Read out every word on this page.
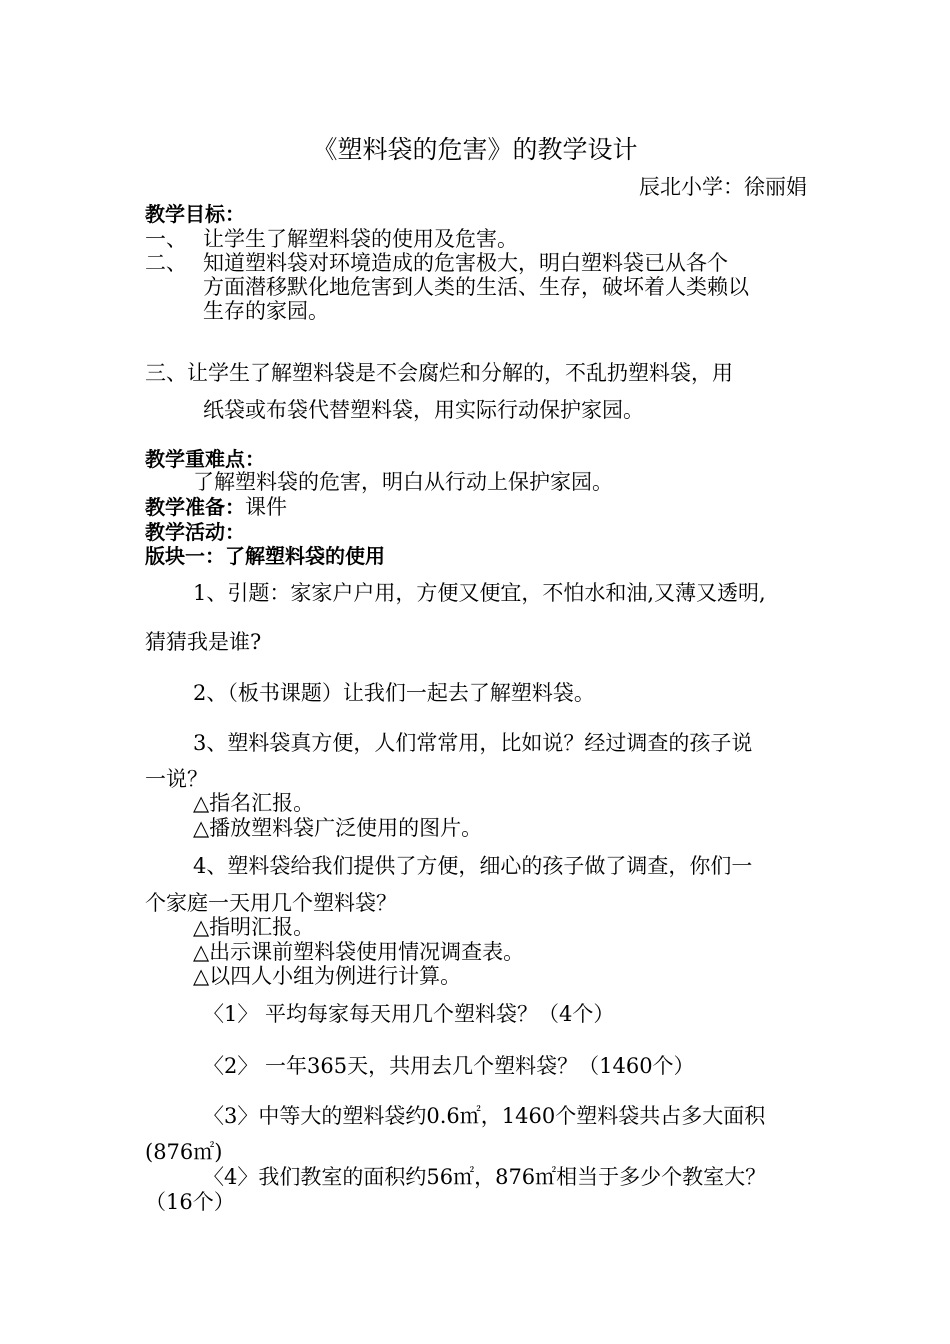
《塑料袋的危害》的教学设计
辰北小学：徐丽娟
教学目标：
一、 让学生了解塑料袋的使用及危害。
二、 知道塑料袋对环境造成的危害极大，明白塑料袋已从各个
方面潜移默化地危害到人类的生活、生存，破坏着人类赖以
生存的家园。
三、让学生了解塑料袋是不会腐烂和分解的，不乱扔塑料袋，用
纸袋或布袋代替塑料袋，用实际行动保护家园。
教学重难点：
了解塑料袋的危害，明白从行动上保护家园。
教学准备：课件
教学活动：
版块一：了解塑料袋的使用
1、引题：家家户户用，方便又便宜，不怕水和油,又薄又透明,
猜猜我是谁?
2、（板书课题）让我们一起去了解塑料袋。
3、塑料袋真方便，人们常常用，比如说？经过调查的孩子说
一说？
△指名汇报。
△播放塑料袋广泛使用的图片。
4、塑料袋给我们提供了方便，细心的孩子做了调查，你们一
个家庭一天用几个塑料袋？
△指明汇报。
△出示课前塑料袋使用情况调查表。
△以四人小组为例进行计算。
〈1〉 平均每家每天用几个塑料袋？（4个）
〈2〉 一年365天，共用去几个塑料袋？（1460个）
〈3〉中等大的塑料袋约0.6㎡，1460个塑料袋共占多大面积
(876㎡)
〈4〉我们教室的面积约56㎡，876㎡相当于多少个教室大？
（16个）
